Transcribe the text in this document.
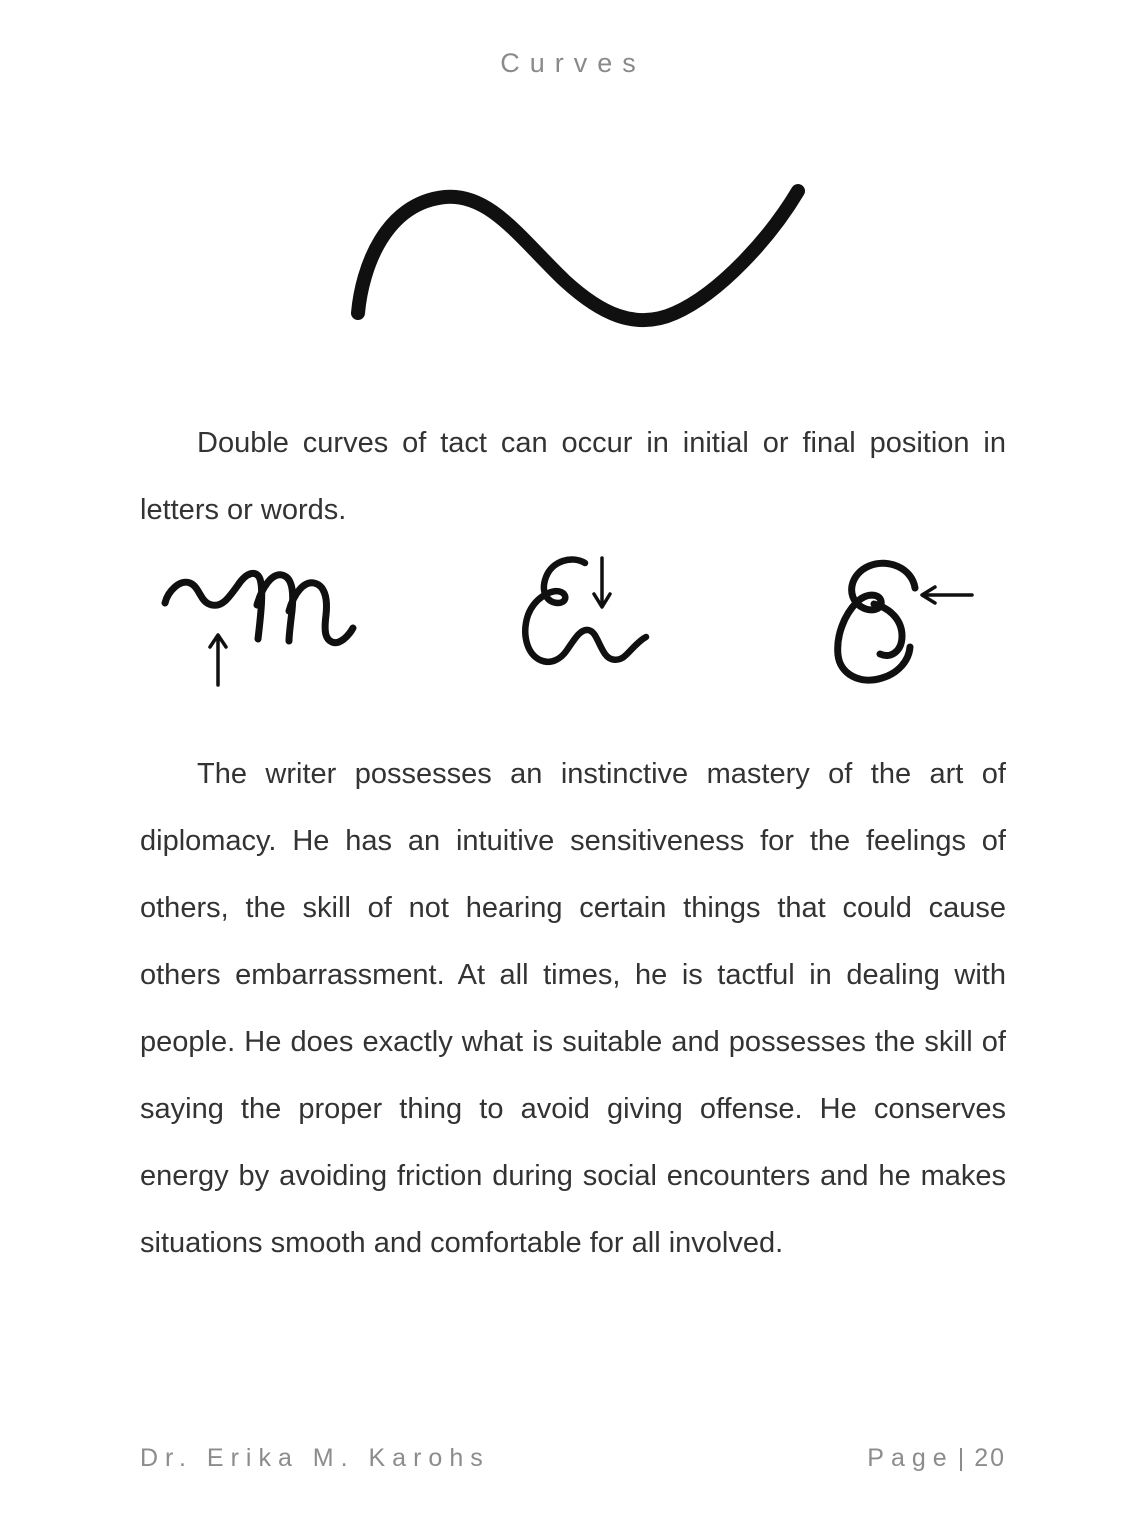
Curves

Double curves of tact can occur in initial or final position in letters or words.

The writer possesses an instinctive mastery of the art of diplomacy. He has an intuitive sensitiveness for the feelings of others, the skill of not hearing certain things that could cause others embarrassment. At all times, he is tactful in dealing with people. He does exactly what is suitable and possesses the skill of saying the proper thing to avoid giving offense. He conserves energy by avoiding friction during social encounters and he makes situations smooth and comfortable for all involved.

Dr. Erika M. Karohs	Page | 20
